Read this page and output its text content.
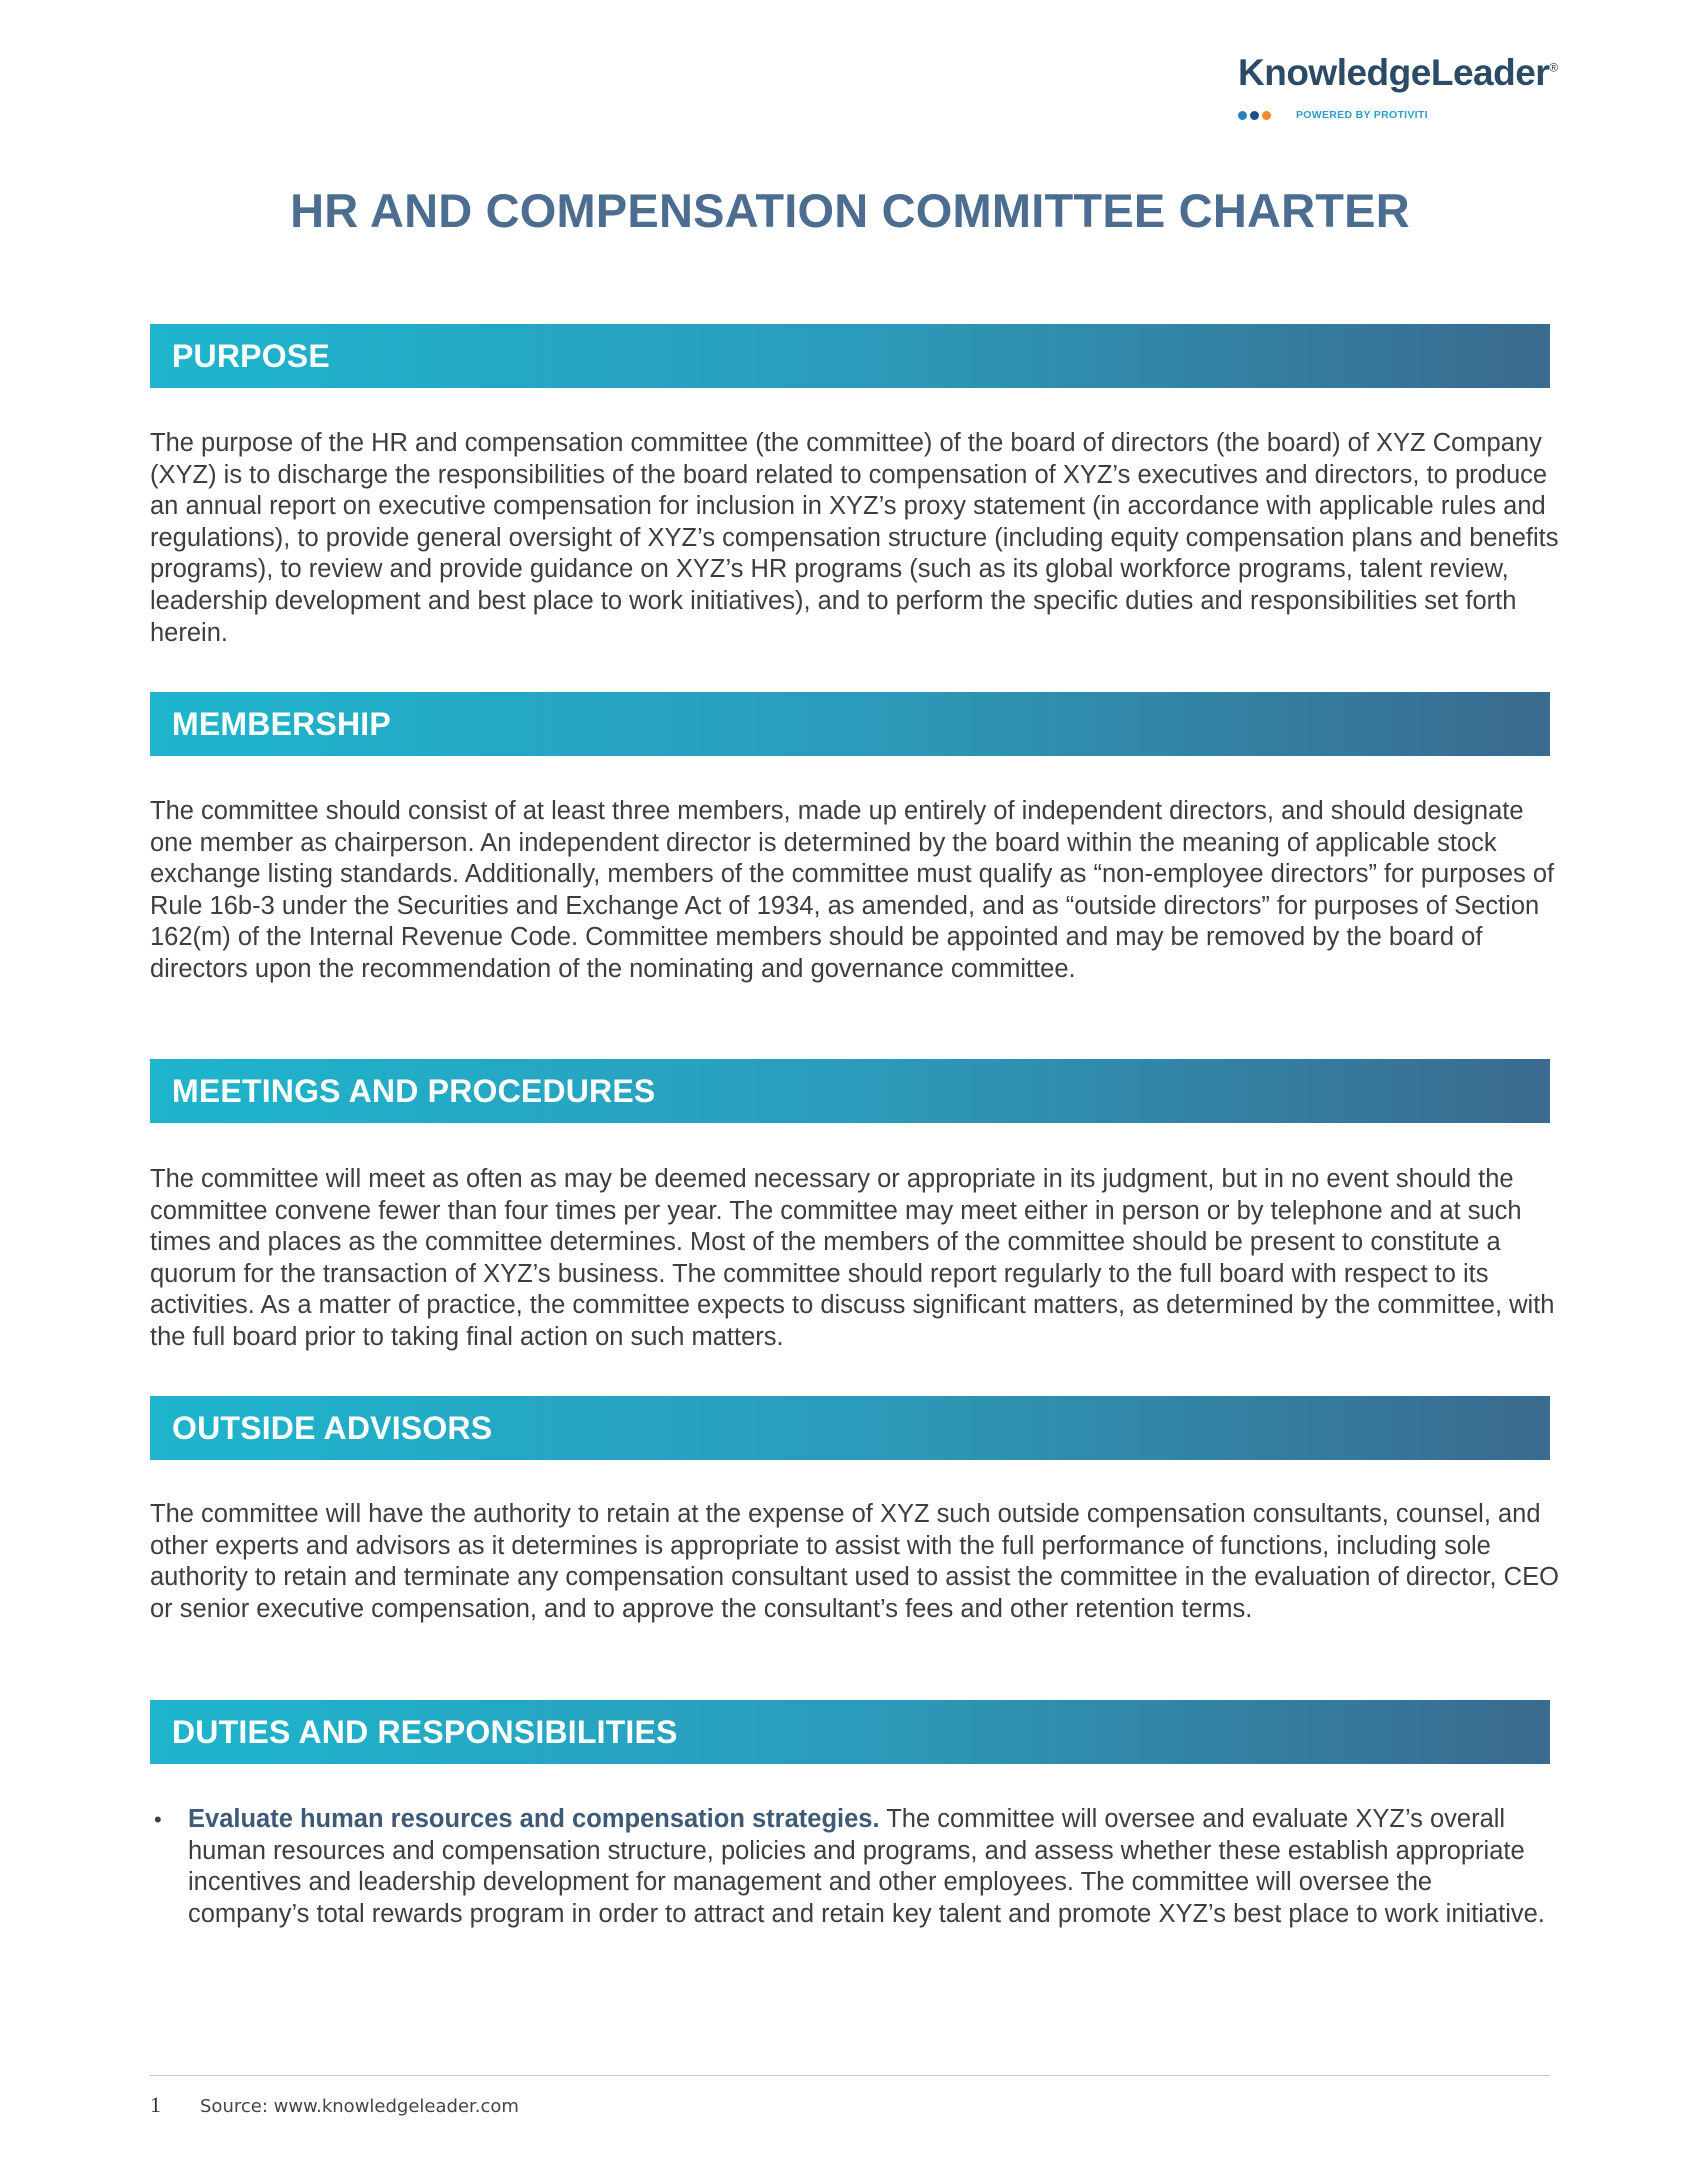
KnowledgeLeader®
POWERED BY PROTIVITI
HR AND COMPENSATION COMMITTEE CHARTER
PURPOSE

The purpose of the HR and compensation committee (the committee) of the board of directors (the board) of XYZ Company (XYZ) is to discharge the responsibilities of the board related to compensation of XYZ’s executives and directors, to produce an annual report on executive compensation for inclusion in XYZ’s proxy statement (in accordance with applicable rules and regulations), to provide general oversight of XYZ’s compensation structure (including equity compensation plans and benefits programs), to review and provide guidance on XYZ’s HR programs (such as its global workforce programs, talent review, leadership development and best place to work initiatives), and to perform the specific duties and responsibilities set forth herein.

MEMBERSHIP

The committee should consist of at least three members, made up entirely of independent directors, and should designate one member as chairperson. An independent director is determined by the board within the meaning of applicable stock exchange listing standards. Additionally, members of the committee must qualify as “non-employee directors” for purposes of Rule 16b-3 under the Securities and Exchange Act of 1934, as amended, and as “outside directors” for purposes of Section 162(m) of the Internal Revenue Code. Committee members should be appointed and may be removed by the board of directors upon the recommendation of the nominating and governance committee.

MEETINGS AND PROCEDURES

The committee will meet as often as may be deemed necessary or appropriate in its judgment, but in no event should the committee convene fewer than four times per year. The committee may meet either in person or by telephone and at such times and places as the committee determines. Most of the members of the committee should be present to constitute a quorum for the transaction of XYZ’s business. The committee should report regularly to the full board with respect to its activities. As a matter of practice, the committee expects to discuss significant matters, as determined by the committee, with the full board prior to taking final action on such matters.

OUTSIDE ADVISORS

The committee will have the authority to retain at the expense of XYZ such outside compensation consultants, counsel, and other experts and advisors as it determines is appropriate to assist with the full performance of functions, including sole authority to retain and terminate any compensation consultant used to assist the committee in the evaluation of director, CEO or senior executive compensation, and to approve the consultant’s fees and other retention terms.

DUTIES AND RESPONSIBILITIES
• Evaluate human resources and compensation strategies. The committee will oversee and evaluate XYZ’s overall human resources and compensation structure, policies and programs, and assess whether these establish appropriate incentives and leadership development for management and other employees. The committee will oversee the company’s total rewards program in order to attract and retain key talent and promote XYZ’s best place to work initiative.
1 Source: www.knowledgeleader.com
